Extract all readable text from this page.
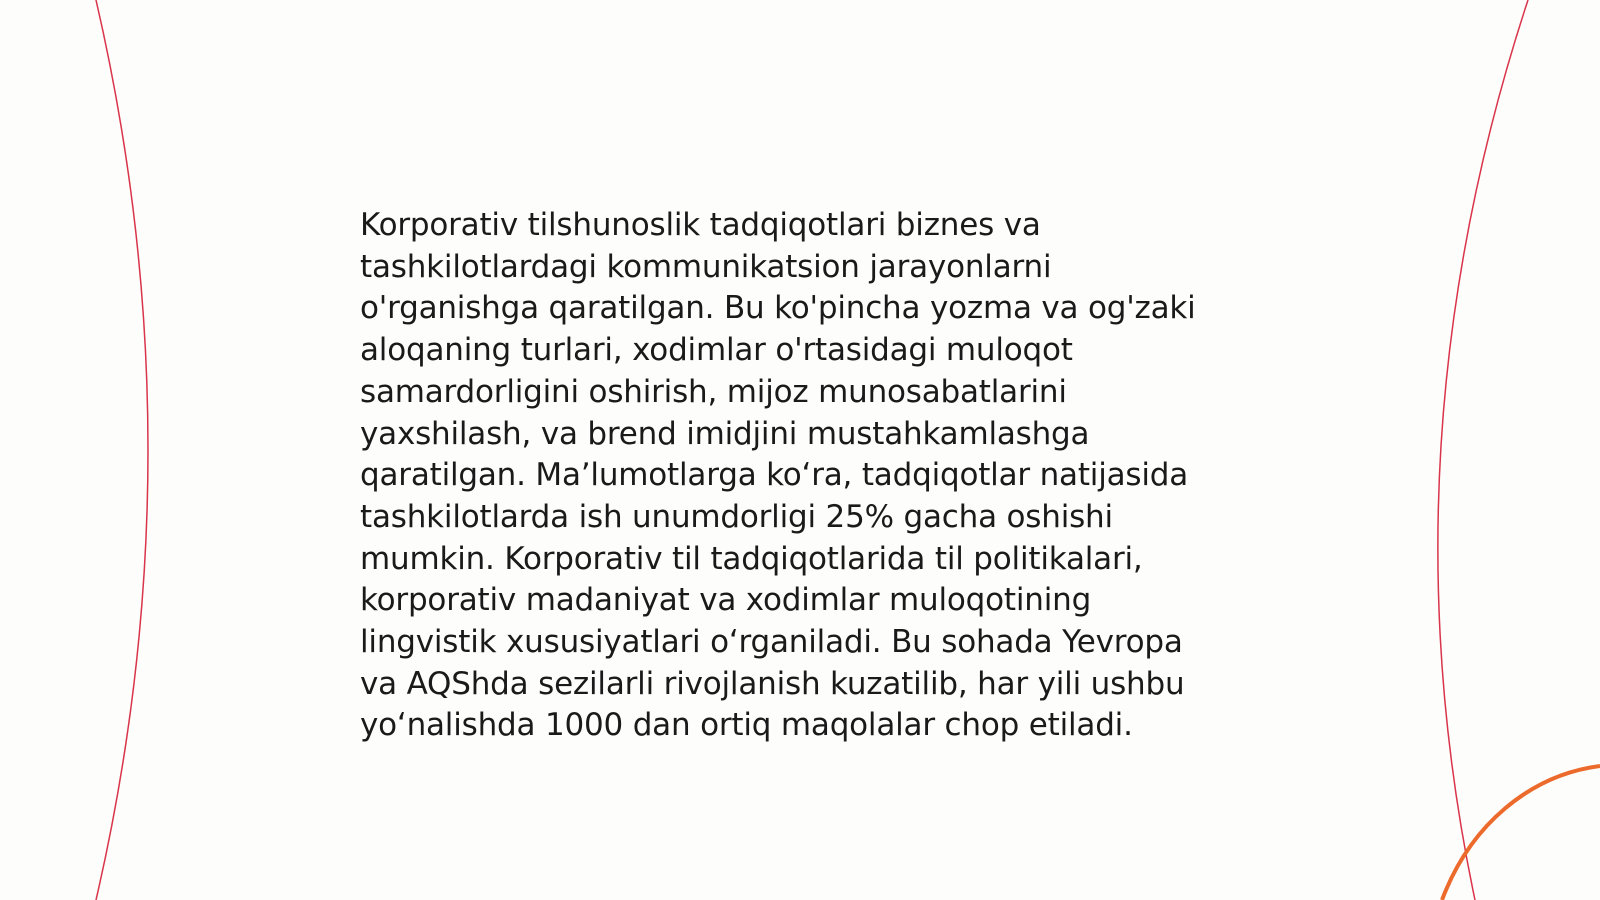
Korporativ tilshunoslik tadqiqotlari biznes va
tashkilotlardagi kommunikatsion jarayonlarni
o'rganishga qaratilgan. Bu ko'pincha yozma va og'zaki
aloqaning turlari, xodimlar o'rtasidagi muloqot
samardorligini oshirish, mijoz munosabatlarini
yaxshilash, va brend imidjini mustahkamlashga
qaratilgan. Ma’lumotlarga ko‘ra, tadqiqotlar natijasida
tashkilotlarda ish unumdorligi 25% gacha oshishi
mumkin. Korporativ til tadqiqotlarida til politikalari,
korporativ madaniyat va xodimlar muloqotining
lingvistik xususiyatlari o‘rganiladi. Bu sohada Yevropa
va AQShda sezilarli rivojlanish kuzatilib, har yili ushbu
yo‘nalishda 1000 dan ortiq maqolalar chop etiladi.
